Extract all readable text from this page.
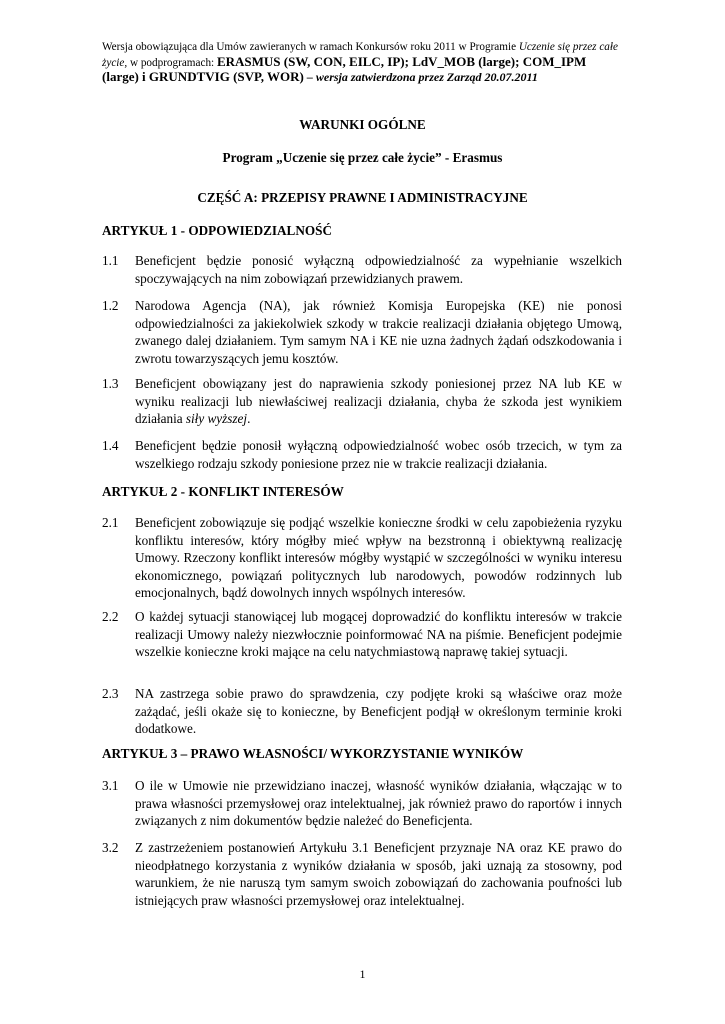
Wersja obowiązująca dla Umów zawieranych w ramach Konkursów roku 2011 w Programie Uczenie się przez całe życie, w podprogramach: ERASMUS (SW, CON, EILC, IP); LdV_MOB (large); COM_IPM (large) i GRUNDTVIG (SVP, WOR) – wersja zatwierdzona przez Zarząd 20.07.2011
WARUNKI OGÓLNE
Program „Uczenie się przez całe życie” - Erasmus
CZĘŚĆ A: PRZEPISY PRAWNE I ADMINISTRACYJNE
ARTYKUŁ 1 - ODPOWIEDZIALNOŚĆ
1.1 Beneficjent będzie ponosić wyłączną odpowiedzialność za wypełnianie wszelkich spoczywających na nim zobowiązań przewidzianych prawem.
1.2 Narodowa Agencja (NA), jak również Komisja Europejska (KE) nie ponosi odpowiedzialności za jakiekolwiek szkody w trakcie realizacji działania objętego Umową, zwanego dalej działaniem. Tym samym NA i KE nie uzna żadnych żądań odszkodowania i zwrotu towarzyszących jemu kosztów.
1.3 Beneficjent obowiązany jest do naprawienia szkody poniesionej przez NA lub KE w wyniku realizacji lub niewłaściwej realizacji działania, chyba że szkoda jest wynikiem działania siły wyższej.
1.4 Beneficjent będzie ponosił wyłączną odpowiedzialność wobec osób trzecich, w tym za wszelkiego rodzaju szkody poniesione przez nie w trakcie realizacji działania.
ARTYKUŁ 2 - KONFLIKT INTERESÓW
2.1 Beneficjent zobowiązuje się podjąć wszelkie konieczne środki w celu zapobieżenia ryzyku konfliktu interesów, który mógłby mieć wpływ na bezstronną i obiektywną realizację Umowy. Rzeczony konflikt interesów mógłby wystąpić w szczególności w wyniku interesu ekonomicznego, powiązań politycznych lub narodowych, powodów rodzinnych lub emocjonalnych, bądź dowolnych innych wspólnych interesów.
2.2 O każdej sytuacji stanowiącej lub mogącej doprowadzić do konfliktu interesów w trakcie realizacji Umowy należy niezwłocznie poinformować NA na piśmie. Beneficjent podejmie wszelkie konieczne kroki mające na celu natychmiastową naprawę takiej sytuacji.
2.3 NA zastrzega sobie prawo do sprawdzenia, czy podjęte kroki są właściwe oraz może zażądać, jeśli okaże się to konieczne, by Beneficjent podjął w określonym terminie kroki dodatkowe.
ARTYKUŁ 3 – PRAWO WŁASNOŚCI/ WYKORZYSTANIE WYNIKÓW
3.1 O ile w Umowie nie przewidziano inaczej, własność wyników działania, włączając w to prawa własności przemysłowej oraz intelektualnej, jak również prawo do raportów i innych związanych z nim dokumentów będzie należeć do Beneficjenta.
3.2 Z zastrzeżeniem postanowień Artykułu 3.1 Beneficjent przyznaje NA oraz KE prawo do nieodpłatnego korzystania z wyników działania w sposób, jaki uznają za stosowny, pod warunkiem, że nie naruszą tym samym swoich zobowiązań do zachowania poufności lub istniejących praw własności przemysłowej oraz intelektualnej.
1
